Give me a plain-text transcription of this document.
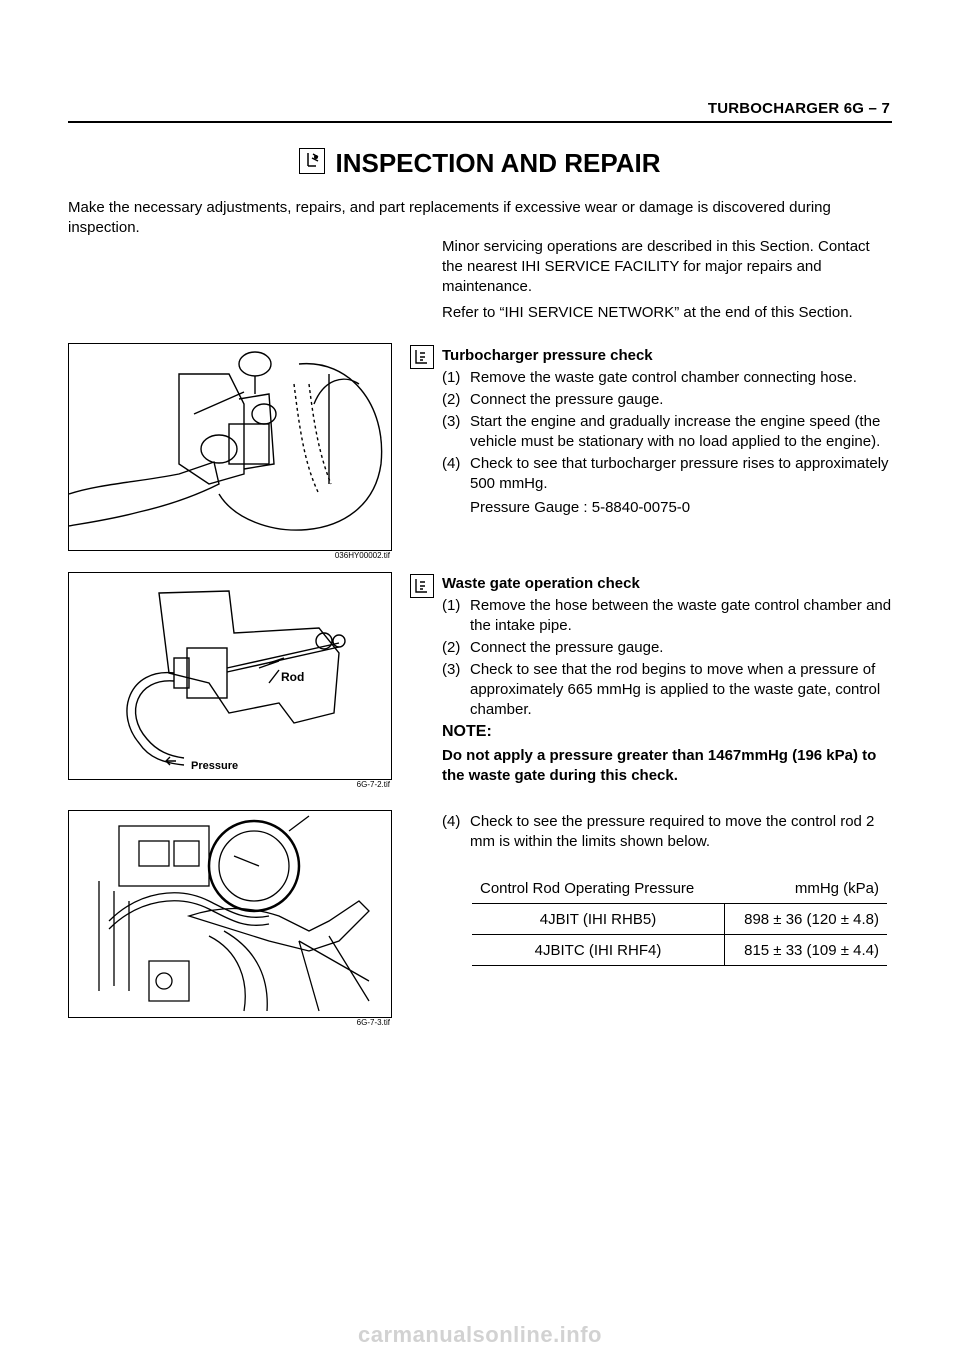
TURBOCHARGER 6G – 7
INSPECTION AND REPAIR

Make the necessary adjustments, repairs, and part replacements if excessive wear or damage is discovered during inspection.

Minor servicing operations are described in this Section. Contact the nearest IHI SERVICE FACILITY for major repairs and maintenance.

Refer to “IHI SERVICE NETWORK” at the end of this Section.

036HY00002.tif
Turbocharger pressure check
(1) Remove the waste gate control chamber connecting hose.
(2) Connect the pressure gauge.
(3) Start the engine and gradually increase the engine speed (the vehicle must be stationary with no load applied to the engine).
(4) Check to see that turbocharger pressure rises to approximately 500 mmHg.
Pressure Gauge : 5-8840-0075-0
Rod
Pressure
6G-7-2.tif
Waste gate operation check
(1) Remove the hose between the waste gate control chamber and the intake pipe.
(2) Connect the pressure gauge.
(3) Check to see that the rod begins to move when a pressure of approximately 665 mmHg is applied to the waste gate, control chamber.
NOTE:

Do not apply a pressure greater than 1467mmHg (196 kPa) to the waste gate during this check.

6G-7-3.tif
(4) Check to see the pressure required to move the control rod 2 mm is within the limits shown below.
Control Rod Operating Pressure	mmHg (kPa)
4JBIT (IHI RHB5)	898 ± 36 (120 ± 4.8)
4JBITC (IHI RHF4)	815 ± 33 (109 ± 4.4)
carmanualsonline.info
